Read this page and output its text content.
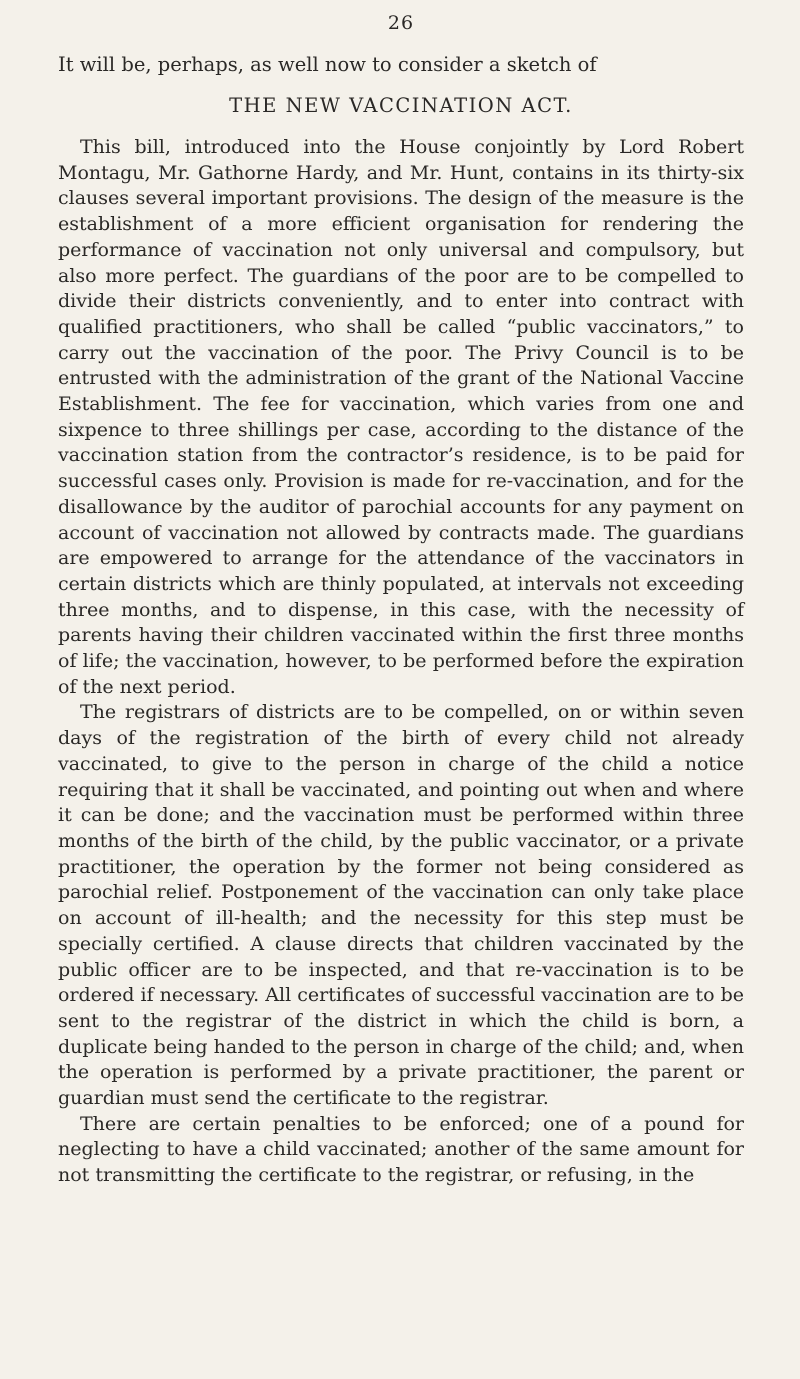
26

It will be, perhaps, as well now to consider a sketch of

THE NEW VACCINATION ACT.

This bill, introduced into the House conjointly by Lord Robert Montagu, Mr. Gathorne Hardy, and Mr. Hunt, contains in its thirty-six clauses several important provisions. The design of the measure is the establishment of a more efficient organisation for rendering the performance of vaccination not only universal and compulsory, but also more perfect. The guardians of the poor are to be compelled to divide their districts conveniently, and to enter into contract with qualified practitioners, who shall be called “public vaccinators,” to carry out the vaccination of the poor. The Privy Council is to be entrusted with the administration of the grant of the National Vaccine Establishment. The fee for vaccination, which varies from one and sixpence to three shillings per case, according to the distance of the vaccination station from the contractor’s residence, is to be paid for successful cases only. Provision is made for re-vaccination, and for the disallowance by the auditor of parochial accounts for any payment on account of vaccination not allowed by contracts made. The guardians are empowered to arrange for the attendance of the vaccinators in certain districts which are thinly populated, at intervals not exceeding three months, and to dispense, in this case, with the necessity of parents having their children vaccinated within the first three months of life; the vaccination, however, to be performed before the expiration of the next period.

The registrars of districts are to be compelled, on or within seven days of the registration of the birth of every child not already vaccinated, to give to the person in charge of the child a notice requiring that it shall be vaccinated, and pointing out when and where it can be done; and the vaccination must be performed within three months of the birth of the child, by the public vaccinator, or a private practitioner, the operation by the former not being considered as parochial relief. Postponement of the vaccination can only take place on account of ill-health; and the necessity for this step must be specially certified. A clause directs that children vaccinated by the public officer are to be inspected, and that re-vaccination is to be ordered if necessary. All certificates of successful vaccination are to be sent to the registrar of the district in which the child is born, a duplicate being handed to the person in charge of the child; and, when the operation is performed by a private practitioner, the parent or guardian must send the certificate to the registrar.

There are certain penalties to be enforced; one of a pound for neglecting to have a child vaccinated; another of the same amount for not transmitting the certificate to the registrar, or refusing, in the
